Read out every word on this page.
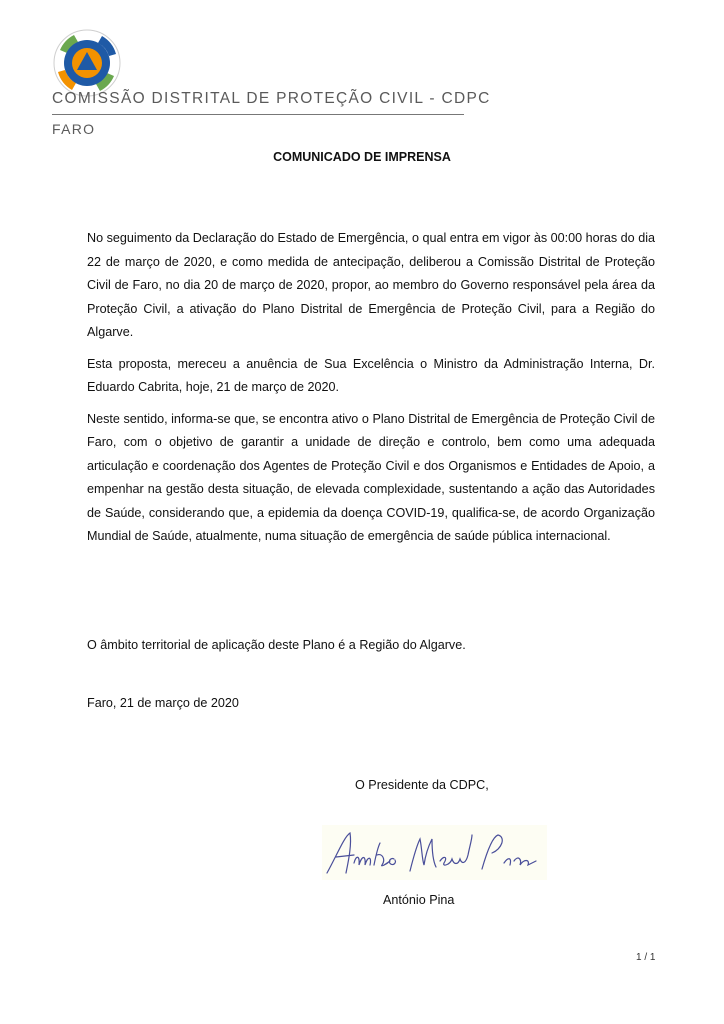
COMISSÃO DISTRITAL DE PROTEÇÃO CIVIL - CDPC
FARO
COMUNICADO DE IMPRENSA

No seguimento da Declaração do Estado de Emergência, o qual entra em vigor às 00:00 horas do dia 22 de março de 2020, e como medida de antecipação, deliberou a Comissão Distrital de Proteção Civil de Faro, no dia 20 de março de 2020, propor, ao membro do Governo responsável pela área da Proteção Civil, a ativação do Plano Distrital de Emergência de Proteção Civil, para a Região do Algarve.

Esta proposta, mereceu a anuência de Sua Excelência o Ministro da Administração Interna, Dr. Eduardo Cabrita, hoje, 21 de março de 2020.

Neste sentido, informa-se que, se encontra ativo o Plano Distrital de Emergência de Proteção Civil de Faro, com o objetivo de garantir a unidade de direção e controlo, bem como uma adequada articulação e coordenação dos Agentes de Proteção Civil e dos Organismos e Entidades de Apoio, a empenhar na gestão desta situação, de elevada complexidade, sustentando a ação das Autoridades de Saúde, considerando que, a epidemia da doença COVID-19, qualifica-se, de acordo Organização Mundial de Saúde, atualmente, numa situação de emergência de saúde pública internacional.

O âmbito territorial de aplicação deste Plano é a Região do Algarve.
Faro, 21 de março de 2020
O Presidente da CDPC,
António Pina
1 / 1
